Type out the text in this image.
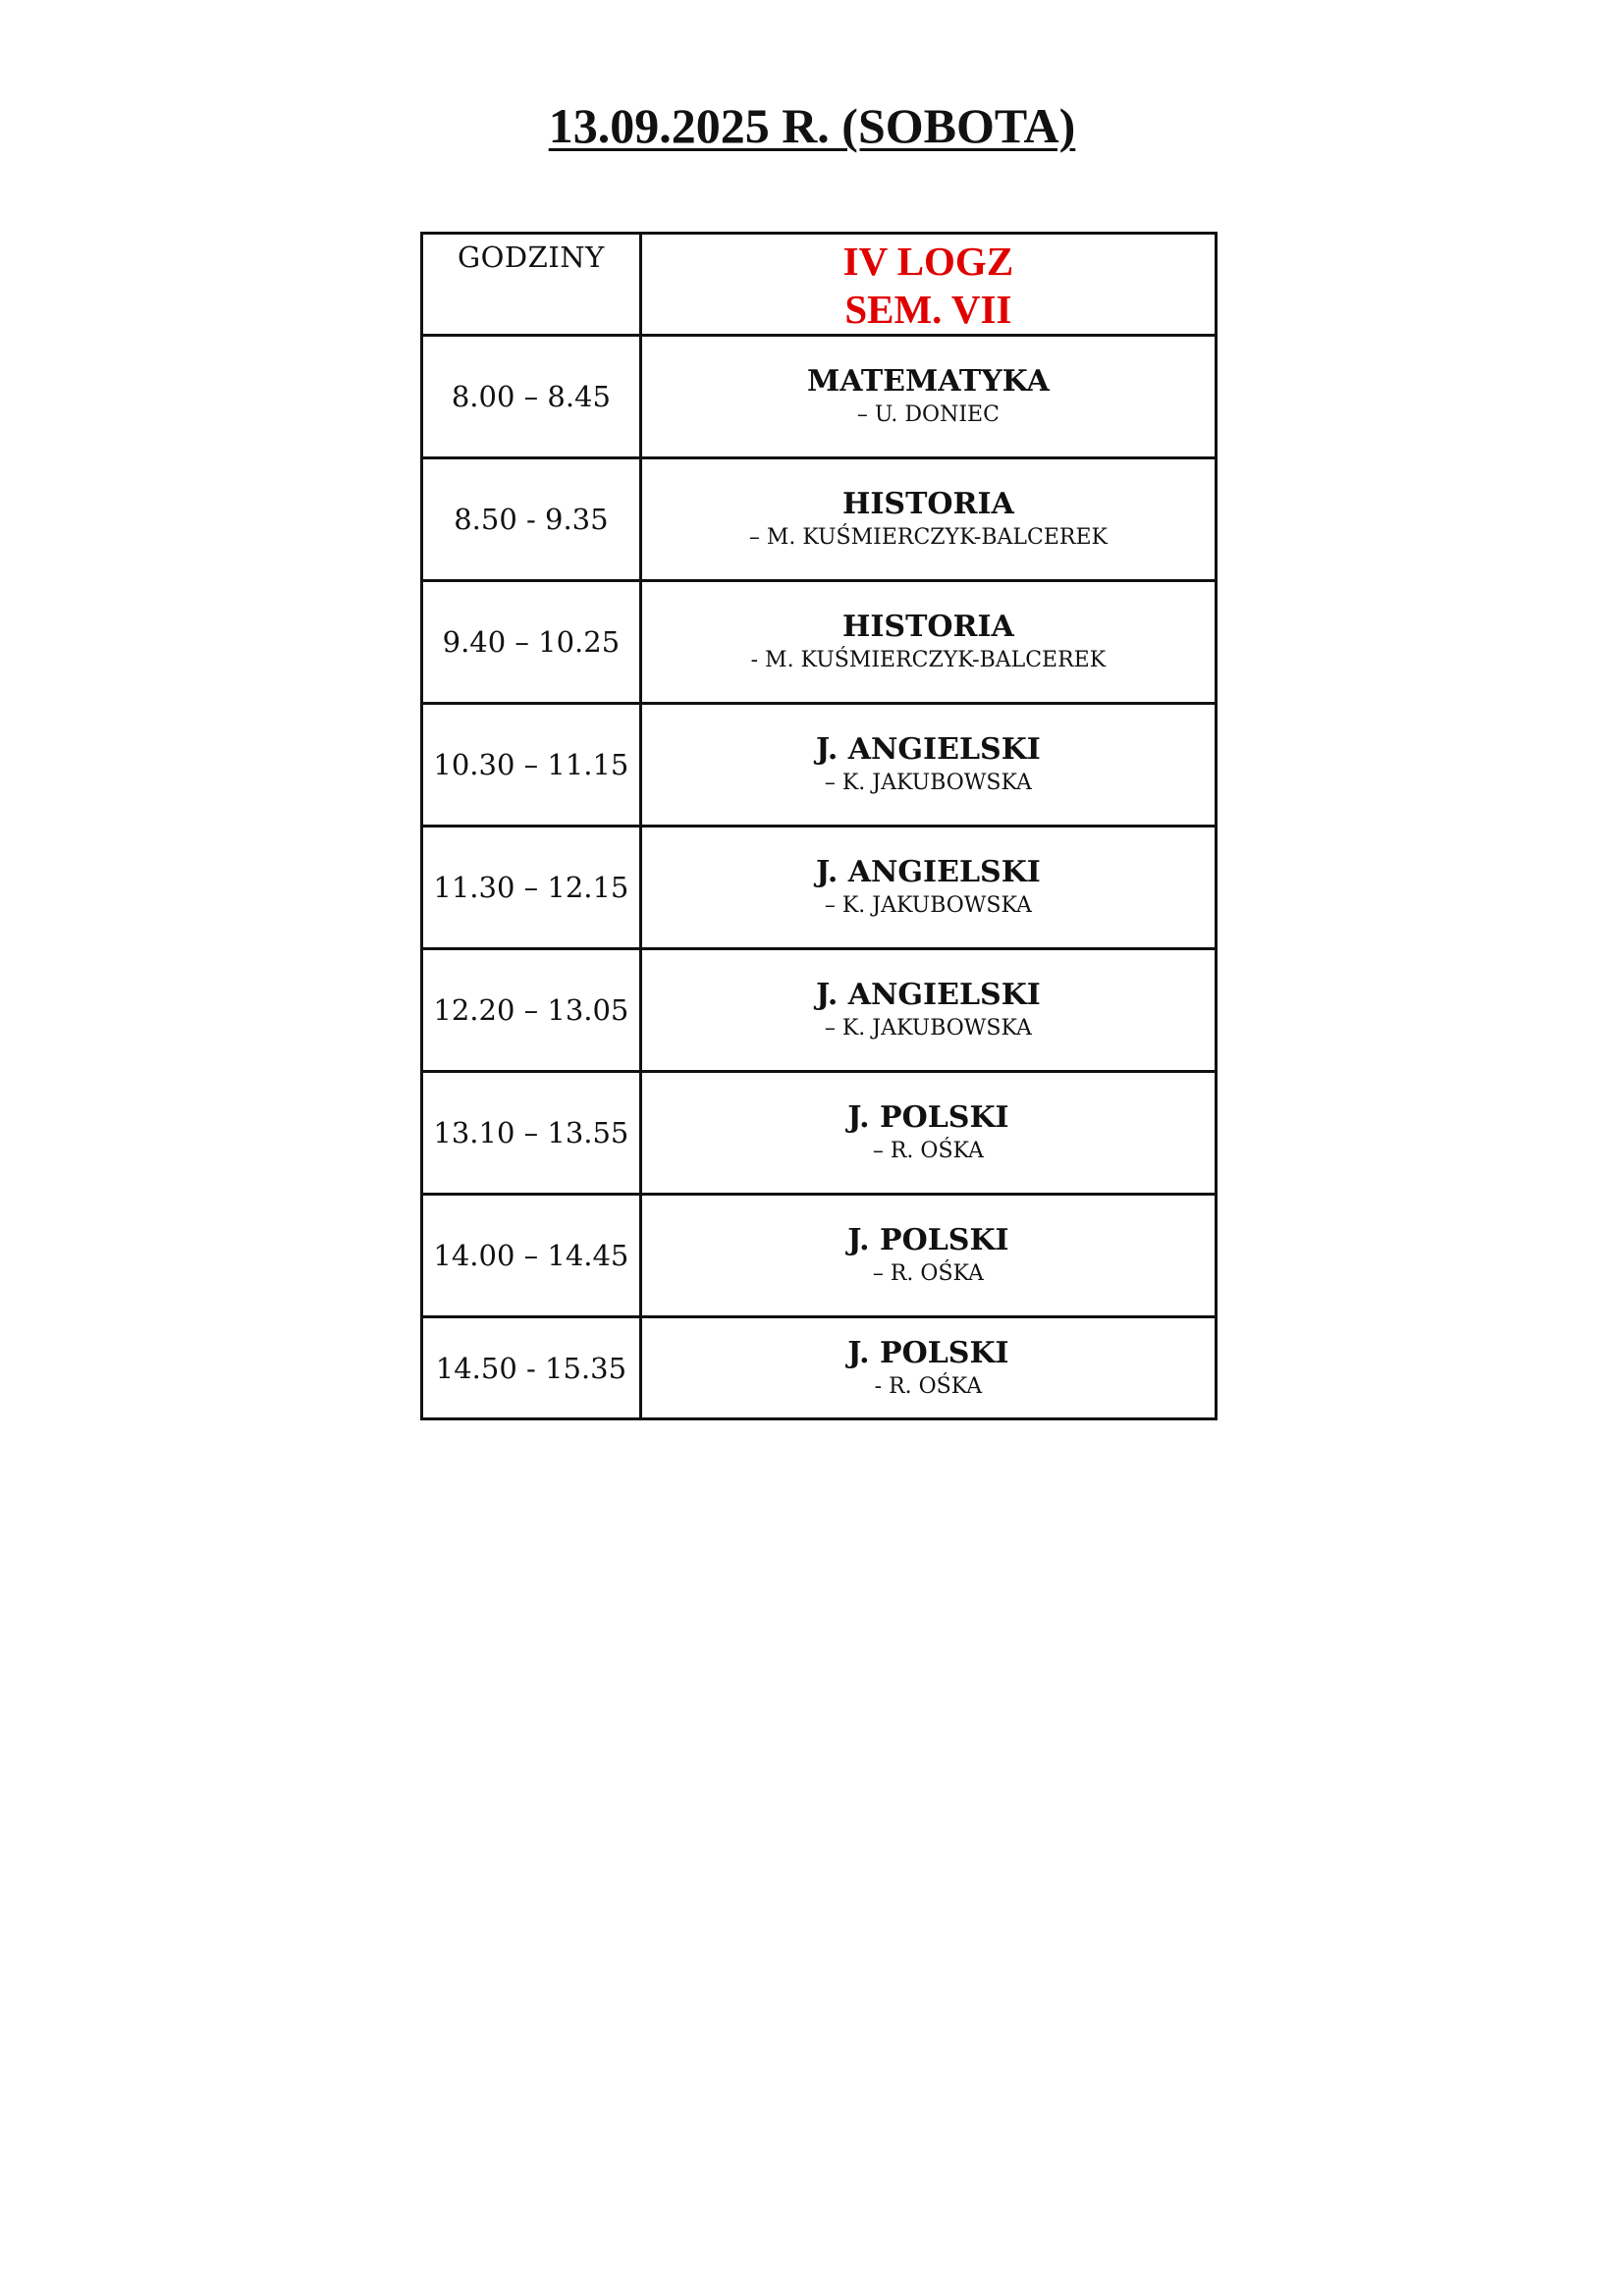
13.09.2025 R. (SOBOTA)
GODZINY	IV LOGZ
SEM. VII

8.00 – 8.45	MATEMATYKA
– U. DONIEC

8.50 - 9.35	HISTORIA
– M. KUŚMIERCZYK-BALCEREK

9.40 – 10.25	HISTORIA
- M. KUŚMIERCZYK-BALCEREK

10.30 – 11.15	J. ANGIELSKI
– K. JAKUBOWSKA

11.30 – 12.15	J. ANGIELSKI
– K. JAKUBOWSKA

12.20 – 13.05	J. ANGIELSKI
– K. JAKUBOWSKA

13.10 – 13.55	J. POLSKI
– R. OŚKA

14.00 – 14.45	J. POLSKI
– R. OŚKA

14.50 - 15.35	J. POLSKI
- R. OŚKA
